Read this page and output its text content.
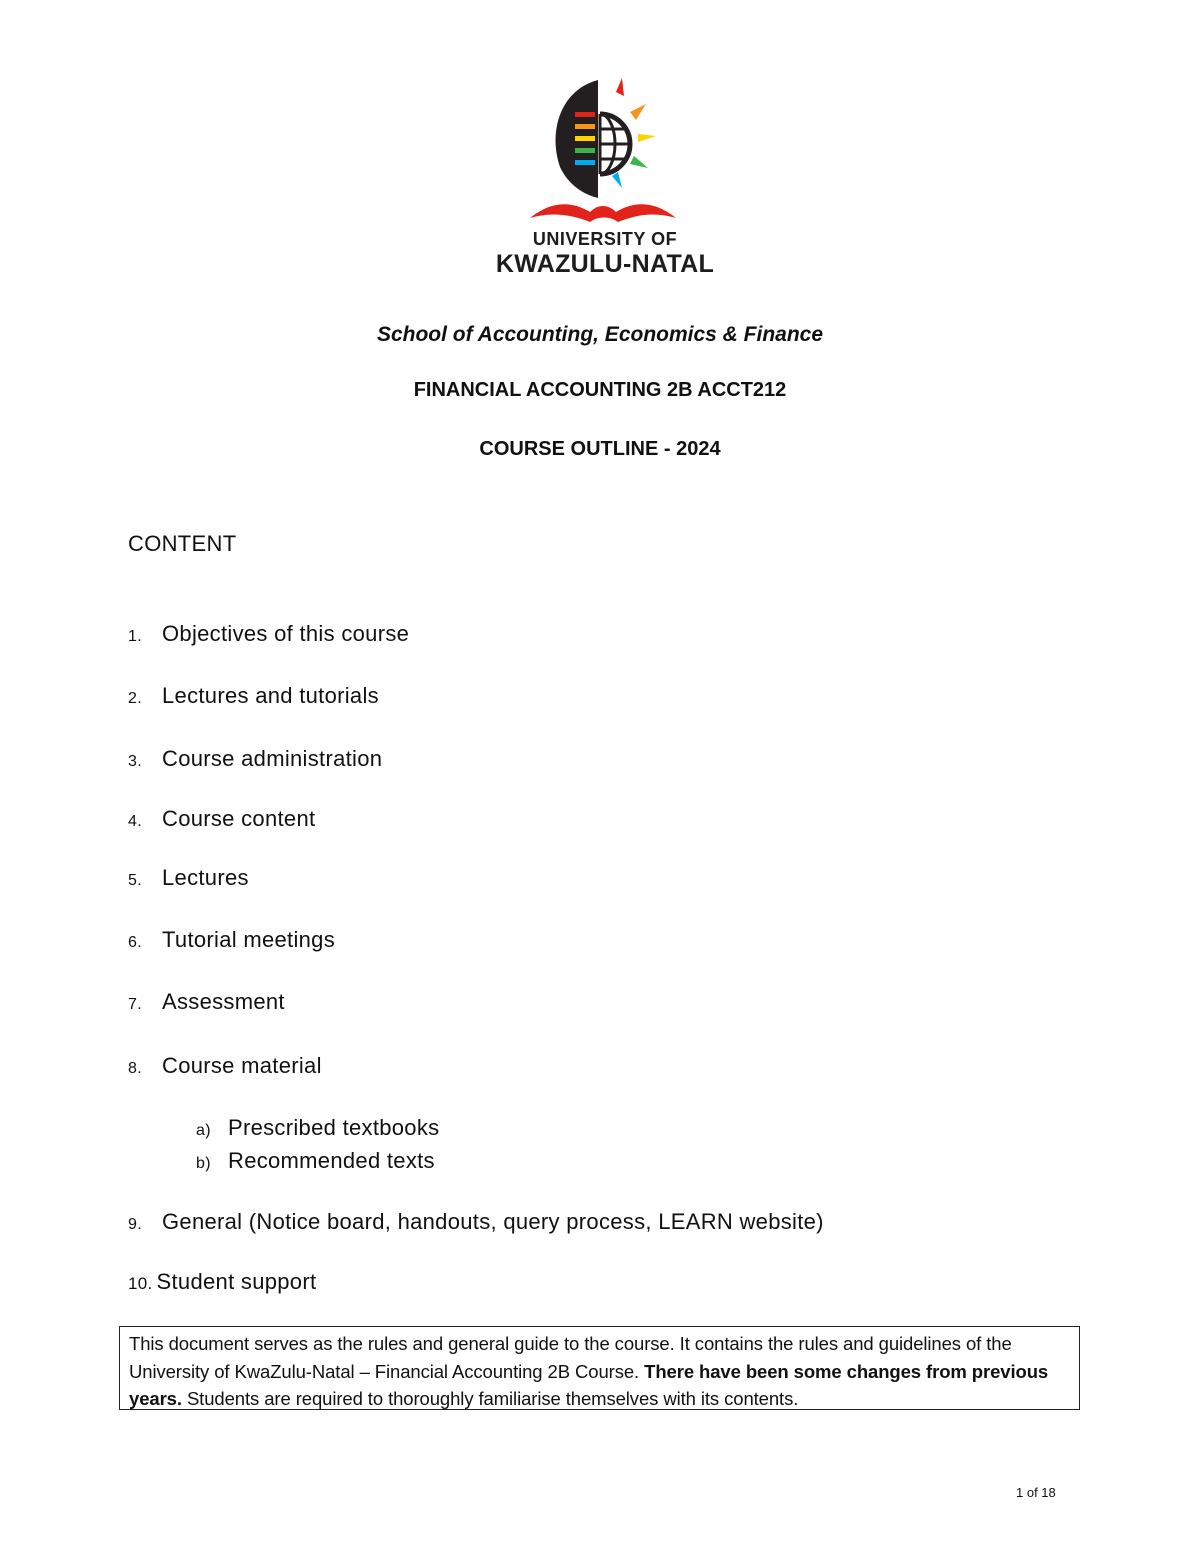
UNIVERSITY OF
KWAZULU-NATAL
School of Accounting, Economics & Finance
FINANCIAL ACCOUNTING 2B ACCT212
COURSE OUTLINE - 2024
CONTENT
1. Objectives of this course
2. Lectures and tutorials
3. Course administration
4. Course content
5. Lectures
6. Tutorial meetings
7. Assessment
8. Course material
a) Prescribed textbooks
b) Recommended texts
9. General (Notice board, handouts, query process, LEARN website)
10. Student support
This document serves as the rules and general guide to the course. It contains the rules and guidelines of the University of KwaZulu-Natal – Financial Accounting 2B Course. There have been some changes from previous years. Students are required to thoroughly familiarise themselves with its contents.
1 of 18
